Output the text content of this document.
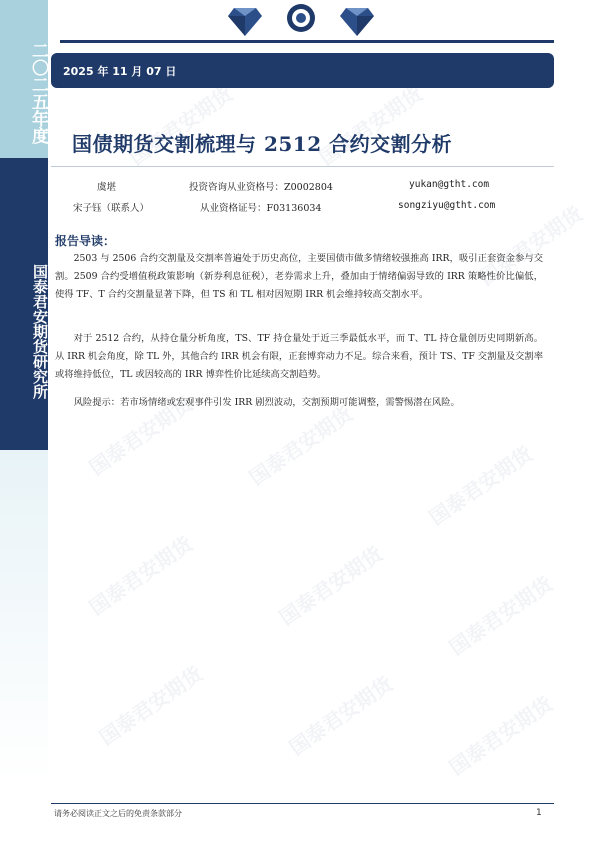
二〇二五年度
国泰君安期货研究所
2025 年 11 月 07 日
国泰君安期货	国泰君安期货
国泰君安期货
国泰君安期货 国泰君安期货	国泰君安期货
国泰君安期货	国泰君安期货	国泰君安期货
国泰君安期货	国泰君安期货 国泰君安期货
国债期货交割梳理与 2512 合约交割分析
虞堪	投资咨询从业资格号：Z0002804	yukan@gtht.com
宋子钰（联系人）	从业资格证号：F03136034	songziyu@gtht.com
报告导读：
2503 与 2506 合约交割量及交割率普遍处于历史高位，主要国债市做多情绪较强推高 IRR，吸引正套资金参与交割。2509 合约受增值税政策影响（新券利息征税），老券需求上升，叠加由于情绪偏弱导致的 IRR 策略性价比偏低，使得 TF、T 合约交割量显著下降，但 TS 和 TL 相对因短期 IRR 机会维持较高交割水平。
对于 2512 合约，从持仓量分析角度，TS、TF 持仓量处于近三季最低水平，而 T、TL 持仓量创历史同期新高。从 IRR 机会角度，除 TL 外，其他合约 IRR 机会有限，正套博弈动力不足。综合来看，预计 TS、TF 交割量及交割率或将维持低位，TL 或因较高的 IRR 博弈性价比延续高交割趋势。
风险提示：若市场情绪或宏观事件引发 IRR 剧烈波动，交割预期可能调整，需警惕潜在风险。
请务必阅读正文之后的免责条款部分	1
